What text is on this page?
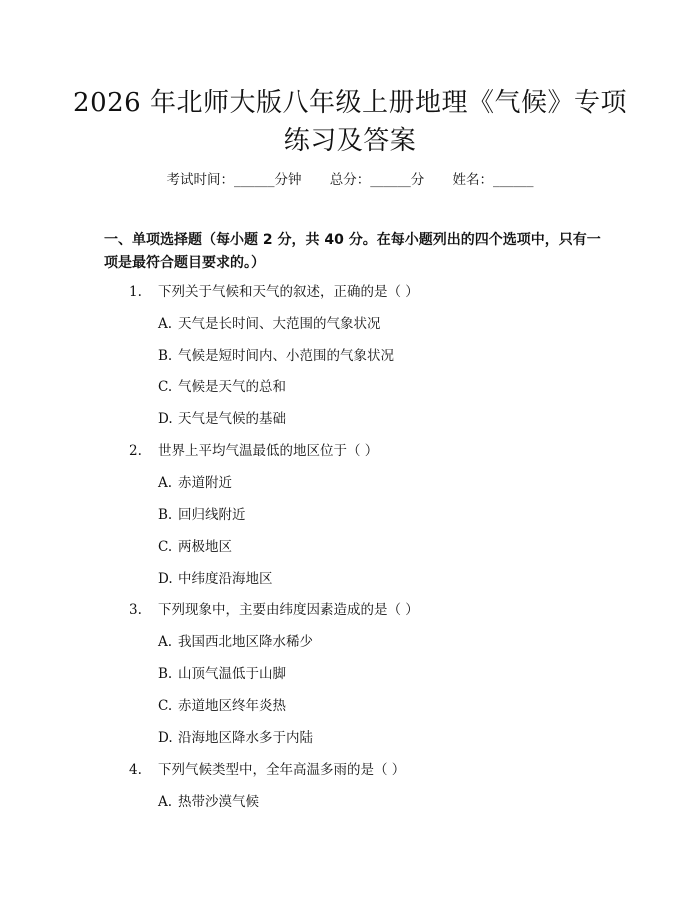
2026 年北师大版八年级上册地理《气候》专项练习及答案
考试时间：______分钟 总分：______分 姓名：______
一、单项选择题（每小题 2 分，共 40 分。在每小题列出的四个选项中，只有一项是最符合题目要求的。）
1. 下列关于气候和天气的叙述，正确的是（ ）
A. 天气是长时间、大范围的气象状况
B. 气候是短时间内、小范围的气象状况
C. 气候是天气的总和
D. 天气是气候的基础
2. 世界上平均气温最低的地区位于（ ）
A. 赤道附近
B. 回归线附近
C. 两极地区
D. 中纬度沿海地区
3. 下列现象中，主要由纬度因素造成的是（ ）
A. 我国西北地区降水稀少
B. 山顶气温低于山脚
C. 赤道地区终年炎热
D. 沿海地区降水多于内陆
4. 下列气候类型中，全年高温多雨的是（ ）
A. 热带沙漠气候
